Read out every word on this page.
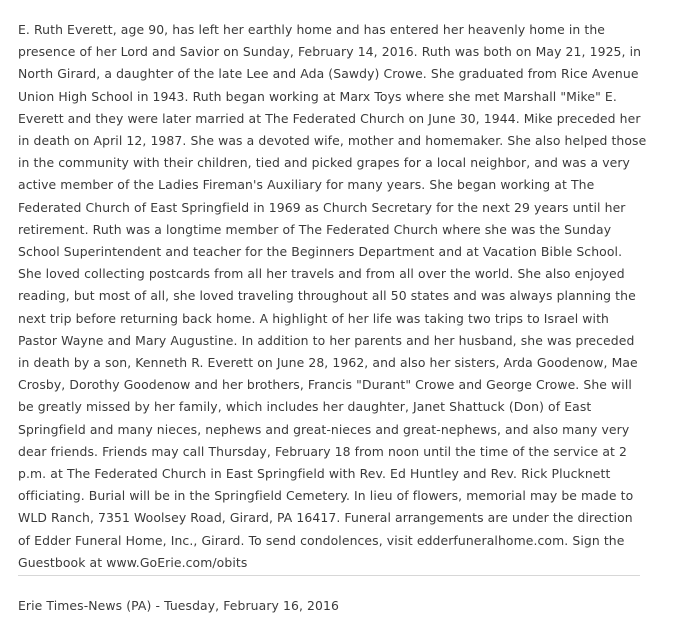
E. Ruth Everett, age 90, has left her earthly home and has entered her heavenly home in the presence of her Lord and Savior on Sunday, February 14, 2016. Ruth was both on May 21, 1925, in North Girard, a daughter of the late Lee and Ada (Sawdy) Crowe. She graduated from Rice Avenue Union High School in 1943. Ruth began working at Marx Toys where she met Marshall "Mike" E. Everett and they were later married at The Federated Church on June 30, 1944. Mike preceded her in death on April 12, 1987. She was a devoted wife, mother and homemaker. She also helped those in the community with their children, tied and picked grapes for a local neighbor, and was a very active member of the Ladies Fireman's Auxiliary for many years. She began working at The Federated Church of East Springfield in 1969 as Church Secretary for the next 29 years until her retirement. Ruth was a longtime member of The Federated Church where she was the Sunday School Superintendent and teacher for the Beginners Department and at Vacation Bible School. She loved collecting postcards from all her travels and from all over the world. She also enjoyed reading, but most of all, she loved traveling throughout all 50 states and was always planning the next trip before returning back home. A highlight of her life was taking two trips to Israel with Pastor Wayne and Mary Augustine. In addition to her parents and her husband, she was preceded in death by a son, Kenneth R. Everett on June 28, 1962, and also her sisters, Arda Goodenow, Mae Crosby, Dorothy Goodenow and her brothers, Francis "Durant" Crowe and George Crowe. She will be greatly missed by her family, which includes her daughter, Janet Shattuck (Don) of East Springfield and many nieces, nephews and great-nieces and great-nephews, and also many very dear friends. Friends may call Thursday, February 18 from noon until the time of the service at 2 p.m. at The Federated Church in East Springfield with Rev. Ed Huntley and Rev. Rick Plucknett officiating. Burial will be in the Springfield Cemetery. In lieu of flowers, memorial may be made to WLD Ranch, 7351 Woolsey Road, Girard, PA 16417. Funeral arrangements are under the direction of Edder Funeral Home, Inc., Girard. To send condolences, visit edderfuneralhome.com. Sign the Guestbook at www.GoErie.com/obits

Erie Times-News (PA) - Tuesday, February 16, 2016
